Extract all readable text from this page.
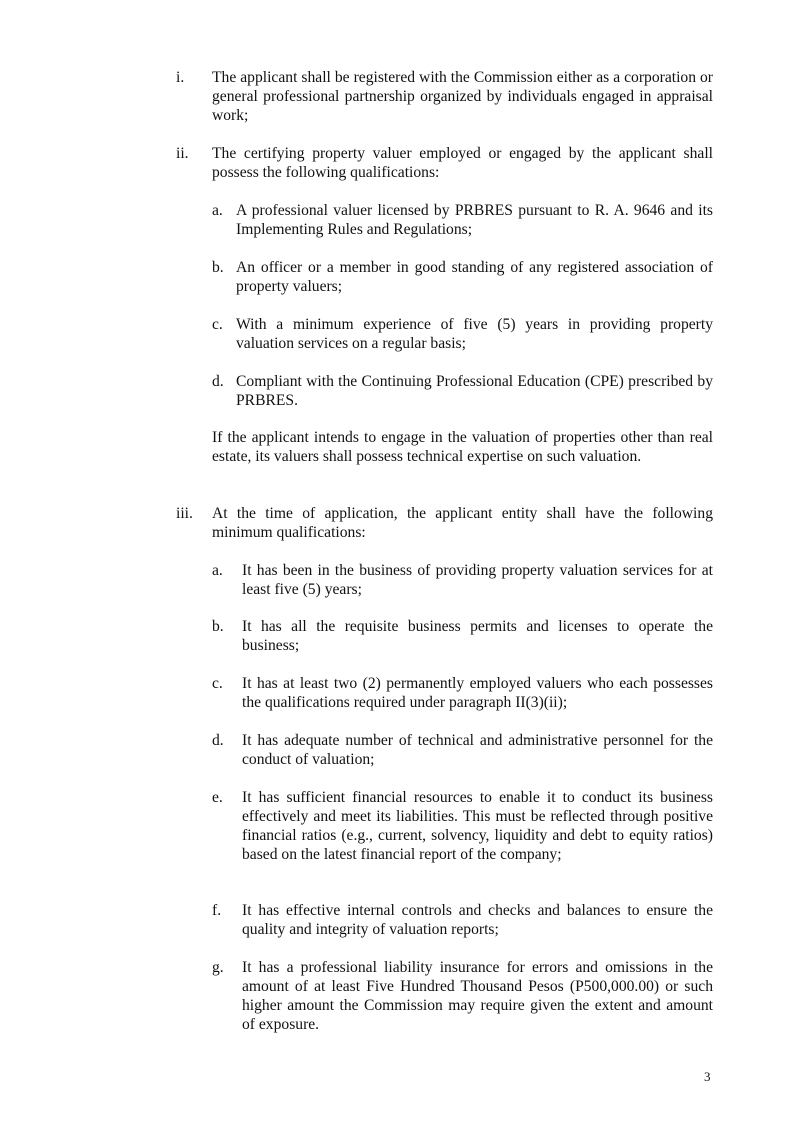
i. The applicant shall be registered with the Commission either as a corporation or general professional partnership organized by individuals engaged in appraisal work;
ii. The certifying property valuer employed or engaged by the applicant shall possess the following qualifications:
a. A professional valuer licensed by PRBRES pursuant to R. A. 9646 and its Implementing Rules and Regulations;
b. An officer or a member in good standing of any registered association of property valuers;
c. With a minimum experience of five (5) years in providing property valuation services on a regular basis;
d. Compliant with the Continuing Professional Education (CPE) prescribed by PRBRES.
If the applicant intends to engage in the valuation of properties other than real estate, its valuers shall possess technical expertise on such valuation.
iii. At the time of application, the applicant entity shall have the following minimum qualifications:
a. It has been in the business of providing property valuation services for at least five (5) years;
b. It has all the requisite business permits and licenses to operate the business;
c. It has at least two (2) permanently employed valuers who each possesses the qualifications required under paragraph II(3)(ii);
d. It has adequate number of technical and administrative personnel for the conduct of valuation;
e. It has sufficient financial resources to enable it to conduct its business effectively and meet its liabilities. This must be reflected through positive financial ratios (e.g., current, solvency, liquidity and debt to equity ratios) based on the latest financial report of the company;
f. It has effective internal controls and checks and balances to ensure the quality and integrity of valuation reports;
g. It has a professional liability insurance for errors and omissions in the amount of at least Five Hundred Thousand Pesos (P500,000.00) or such higher amount the Commission may require given the extent and amount of exposure.
3
